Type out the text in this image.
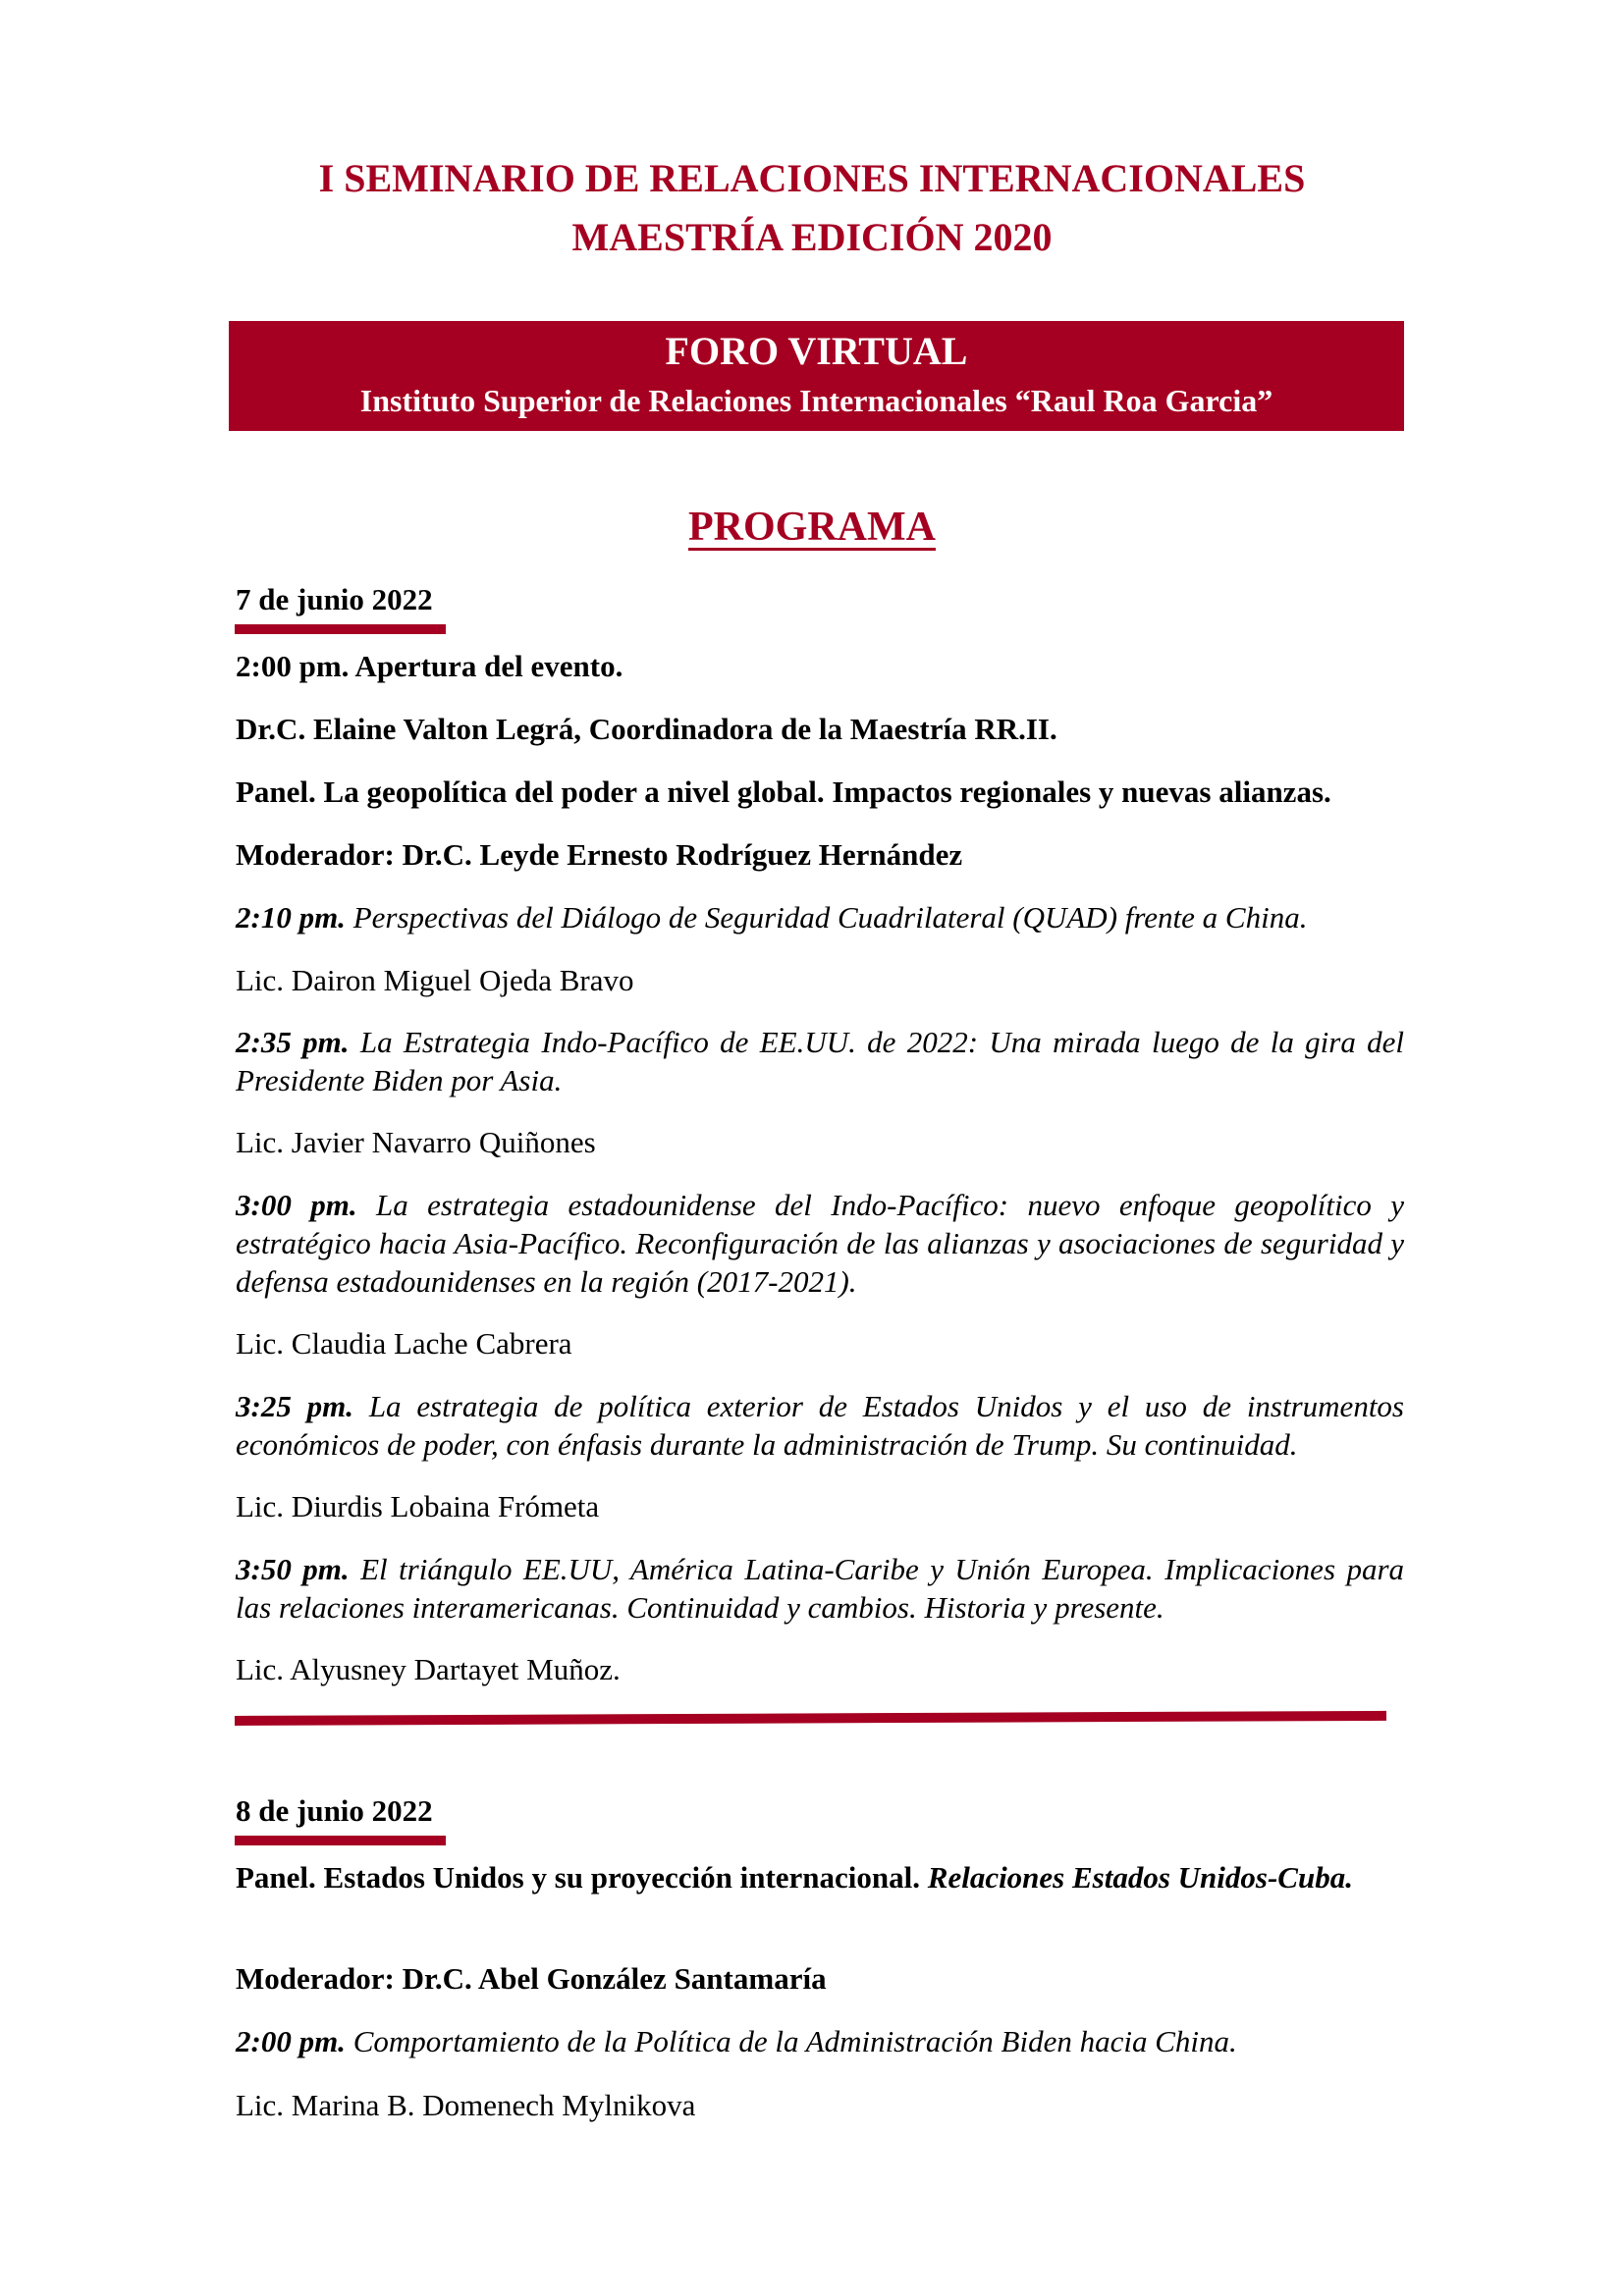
I SEMINARIO DE RELACIONES INTERNACIONALES
MAESTRÍA EDICIÓN 2020
FORO VIRTUAL
Instituto Superior de Relaciones Internacionales “Raul Roa Garcia”
PROGRAMA
7 de junio 2022
2:00 pm. Apertura del evento.
Dr.C. Elaine Valton Legrá, Coordinadora de la Maestría RR.II.
Panel. La geopolítica del poder a nivel global. Impactos regionales y nuevas alianzas.
Moderador: Dr.C. Leyde Ernesto Rodríguez Hernández
2:10 pm. Perspectivas del Diálogo de Seguridad Cuadrilateral (QUAD) frente a China.
Lic. Dairon Miguel Ojeda Bravo
2:35 pm. La Estrategia Indo-Pacífico de EE.UU. de 2022: Una mirada luego de la gira del Presidente Biden por Asia.
Lic. Javier Navarro Quiñones
3:00 pm. La estrategia estadounidense del Indo-Pacífico: nuevo enfoque geopolítico y estratégico hacia Asia-Pacífico. Reconfiguración de las alianzas y asociaciones de seguridad y defensa estadounidenses en la región (2017-2021).
Lic. Claudia Lache Cabrera
3:25 pm. La estrategia de política exterior de Estados Unidos y el uso de instrumentos económicos de poder, con énfasis durante la administración de Trump. Su continuidad.
Lic. Diurdis Lobaina Frómeta
3:50 pm. El triángulo EE.UU, América Latina-Caribe y Unión Europea. Implicaciones para las relaciones interamericanas. Continuidad y cambios. Historia y presente.
Lic. Alyusney Dartayet Muñoz.
8 de junio 2022
Panel. Estados Unidos y su proyección internacional. Relaciones Estados Unidos-Cuba.
Moderador: Dr.C. Abel González Santamaría
2:00 pm. Comportamiento de la Política de la Administración Biden hacia China.
Lic. Marina B. Domenech Mylnikova
